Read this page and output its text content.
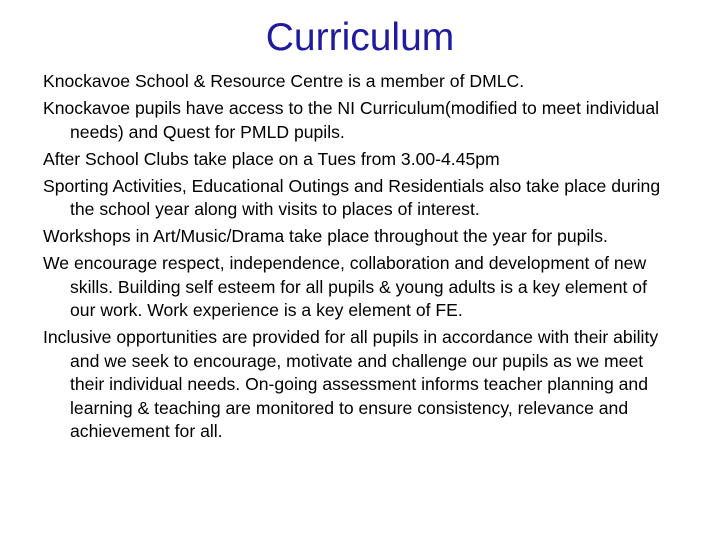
Curriculum
Knockavoe School & Resource Centre is a member of DMLC.
Knockavoe pupils have access to the NI Curriculum(modified to meet individual needs) and Quest for PMLD pupils.
After School Clubs take place on a Tues from 3.00-4.45pm
Sporting Activities, Educational Outings and Residentials also take place during the school year along with visits to places of interest.
Workshops in Art/Music/Drama take place throughout the year for pupils.
We encourage respect, independence, collaboration and development of new skills. Building self esteem for all pupils & young adults is a key element of our work. Work experience is a key element of FE.
Inclusive opportunities are provided for all pupils in accordance with their ability and we seek to encourage, motivate and challenge our pupils as we meet their individual needs. On-going assessment informs teacher planning and learning & teaching are monitored to ensure consistency, relevance and achievement for all.
